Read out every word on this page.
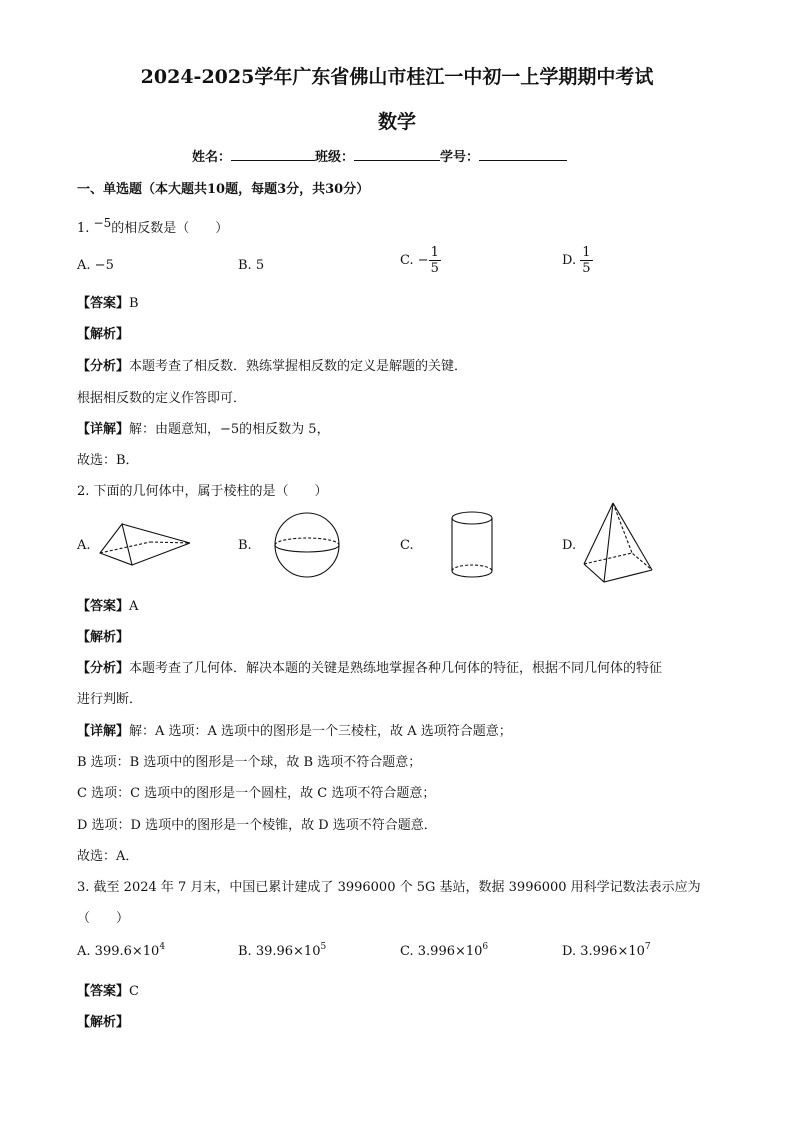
2024-2025学年广东省佛山市桂江一中初一上学期期中考试
数学
姓名：	班级：	学号：
一、单选题（本大题共10题，每题3分，共30分）
1. $^{-5}$的相反数是（　　）
A. −5	B. 5	C. − $\frac{1}{5}$	D. $\frac{1}{5}$
【答案】B
【解析】
【分析】本题考查了相反数．熟练掌握相反数的定义是解题的关键．
根据相反数的定义作答即可．
【详解】解：由题意知，−5的相反数为 5，
故选：B．
2. 下面的几何体中，属于棱柱的是（　　）
A.	B.	C.	D.
【答案】A
【解析】
【分析】本题考查了几何体．解决本题的关键是熟练地掌握各种几何体的特征，根据不同几何体的特征
进行判断．
【详解】解：A 选项：A 选项中的图形是一个三棱柱，故 A 选项符合题意；
B 选项：B 选项中的图形是一个球，故 B 选项不符合题意；
C 选项：C 选项中的图形是一个圆柱，故 C 选项不符合题意；
D 选项：D 选项中的图形是一个棱锥，故 D 选项不符合题意．
故选：A．
3. 截至 2024 年 7 月末，中国已累计建成了 3996000 个 5G 基站，数据 3996000 用科学记数法表示应为
（　　）
A. $399.6\times 10^4$	B. $39.96\times 10^5$	C. $3.996\times 10^6$	D. $3.996\times 10^7$
【答案】C
【解析】
